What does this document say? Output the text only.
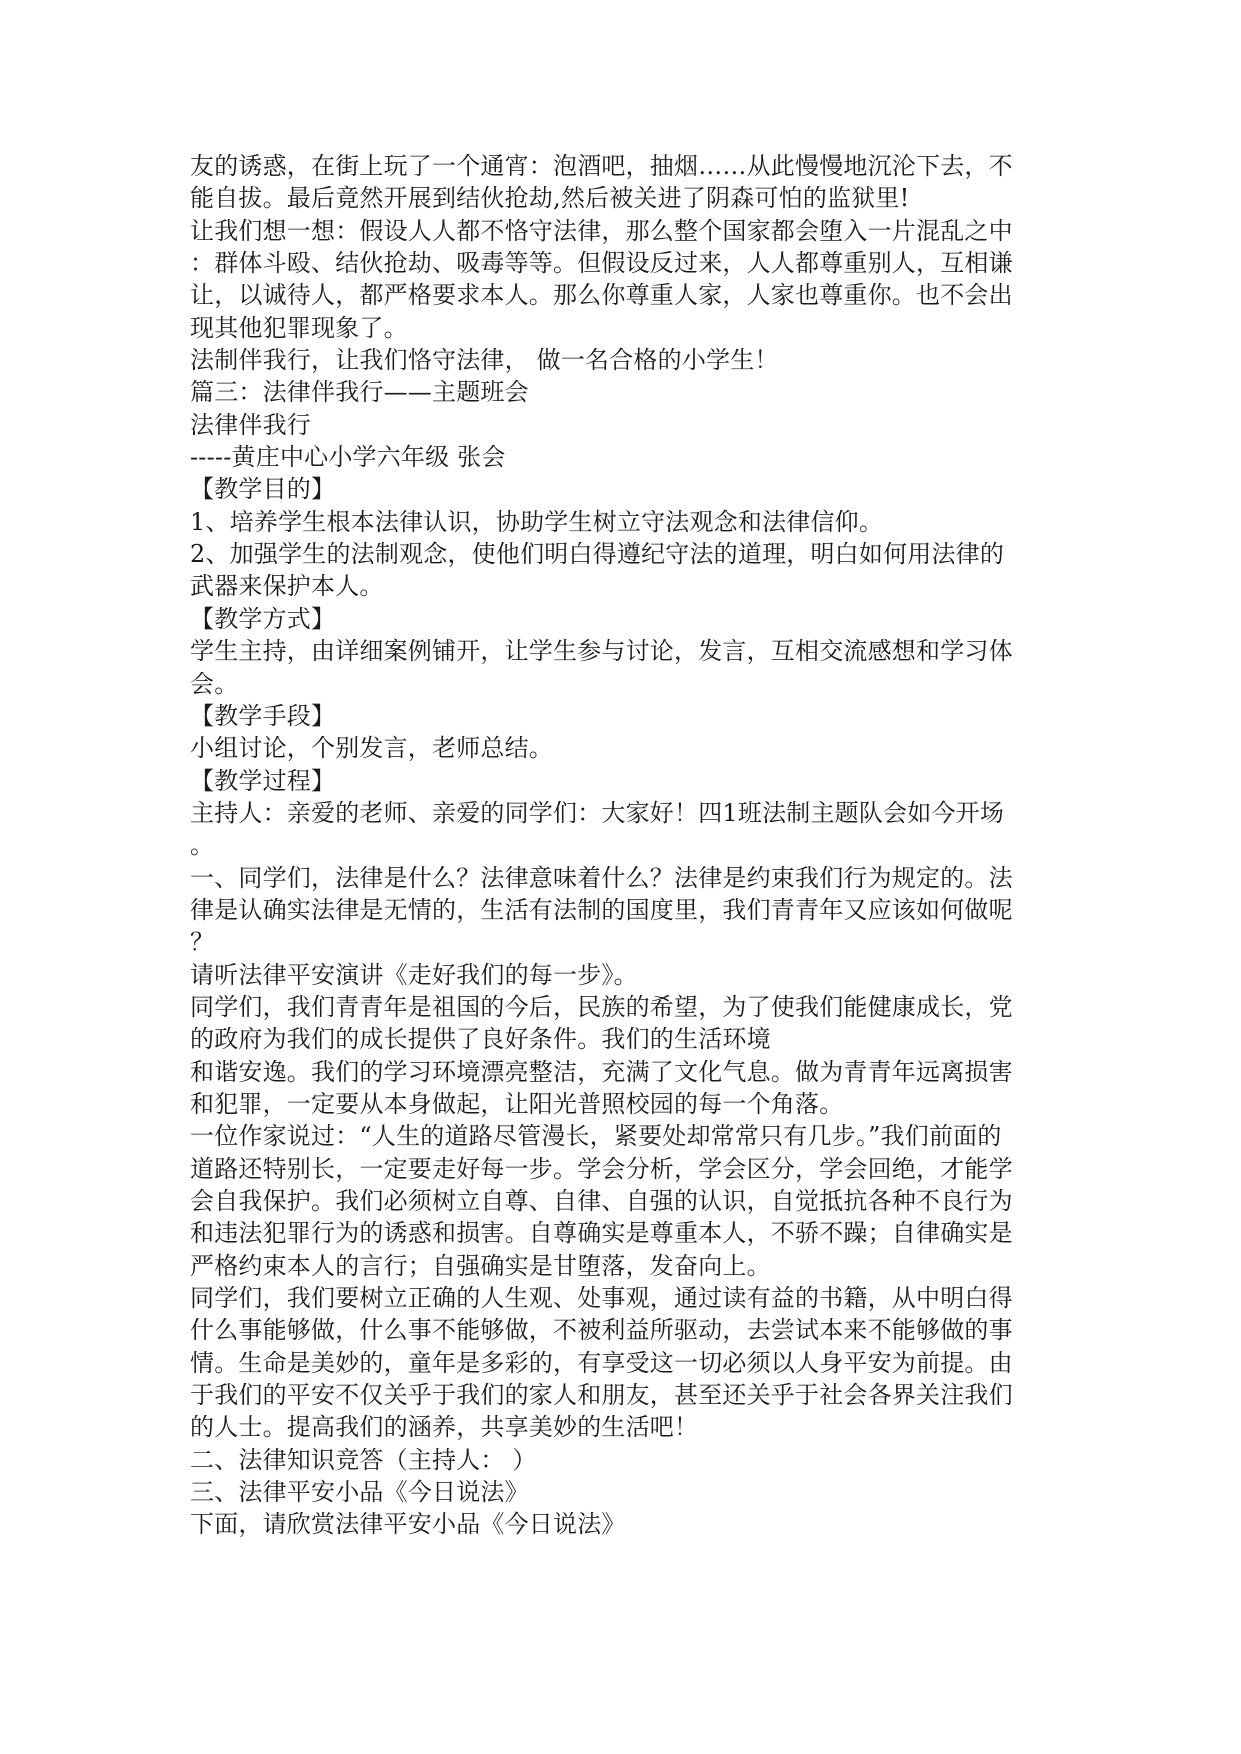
友的诱惑，在街上玩了一个通宵：泡酒吧，抽烟……从此慢慢地沉沦下去，不
能自拔。最后竟然开展到结伙抢劫,然后被关进了阴森可怕的监狱里!
让我们想一想：假设人人都不恪守法律，那么整个国家都会堕入一片混乱之中
：群体斗殴、结伙抢劫、吸毒等等。但假设反过来，人人都尊重别人，互相谦
让，以诚待人，都严格要求本人。那么你尊重人家，人家也尊重你。也不会出
现其他犯罪现象了。
法制伴我行，让我们恪守法律， 做一名合格的小学生！
篇三：法律伴我行——主题班会
法律伴我行
-----黄庄中心小学六年级 张会
【教学目的】
1、培养学生根本法律认识，协助学生树立守法观念和法律信仰。
2、加强学生的法制观念，使他们明白得遵纪守法的道理，明白如何用法律的
武器来保护本人。
【教学方式】
学生主持，由详细案例铺开，让学生参与讨论，发言，互相交流感想和学习体
会。
【教学手段】
小组讨论，个别发言，老师总结。
【教学过程】
主持人：亲爱的老师、亲爱的同学们：大家好！四1班法制主题队会如今开场
。
一、同学们，法律是什么？法律意味着什么？法律是约束我们行为规定的。法
律是认确实法律是无情的，生活有法制的国度里，我们青青年又应该如何做呢
？
请听法律平安演讲《走好我们的每一步》。
同学们，我们青青年是祖国的今后，民族的希望，为了使我们能健康成长，党
的政府为我们的成长提供了良好条件。我们的生活环境
和谐安逸。我们的学习环境漂亮整洁，充满了文化气息。做为青青年远离损害
和犯罪，一定要从本身做起，让阳光普照校园的每一个角落。
一位作家说过：“人生的道路尽管漫长，紧要处却常常只有几步。”我们前面的
道路还特别长，一定要走好每一步。学会分析，学会区分，学会回绝，才能学
会自我保护。我们必须树立自尊、自律、自强的认识，自觉抵抗各种不良行为
和违法犯罪行为的诱惑和损害。自尊确实是尊重本人，不骄不躁；自律确实是
严格约束本人的言行；自强确实是甘堕落，发奋向上。
同学们，我们要树立正确的人生观、处事观，通过读有益的书籍，从中明白得
什么事能够做，什么事不能够做，不被利益所驱动，去尝试本来不能够做的事
情。生命是美妙的，童年是多彩的，有享受这一切必须以人身平安为前提。由
于我们的平安不仅关乎于我们的家人和朋友，甚至还关乎于社会各界关注我们
的人士。提高我们的涵养，共享美妙的生活吧！
二、法律知识竞答（主持人： ）
三、法律平安小品《今日说法》
下面，请欣赏法律平安小品《今日说法》
